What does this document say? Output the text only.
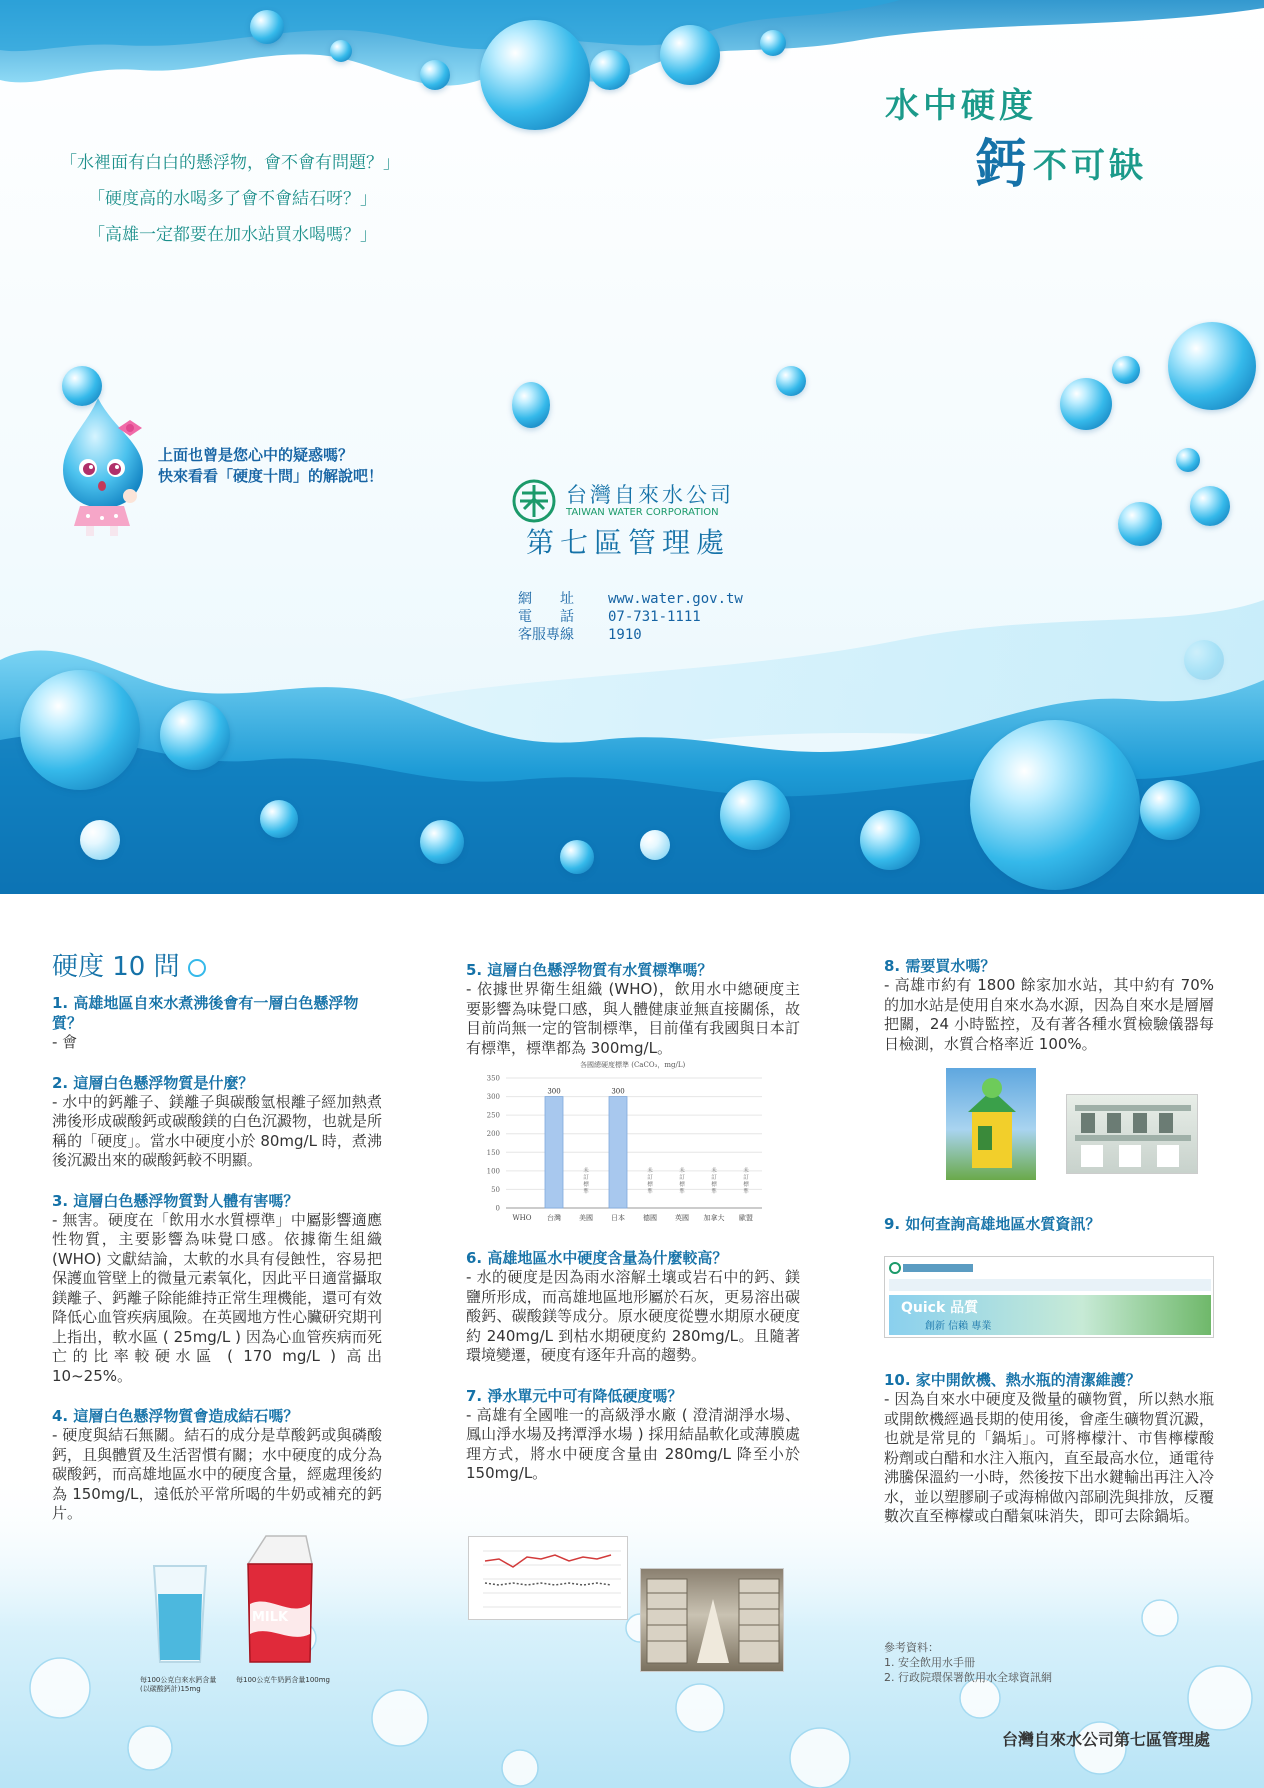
水中硬度
鈣 不可缺
「水裡面有白白的懸浮物，會不會有問題？」
「硬度高的水喝多了會不會結石呀？」
「高雄一定都要在加水站買水喝嗎？」
上面也曾是您心中的疑惑嗎？
快來看看「硬度十問」的解說吧！
台灣自來水公司
TAIWAN WATER CORPORATION
第七區管理處
網　　址	www.water.gov.tw
電　　話	07-731-1111
客服專線	1910
硬度 10 問
1. 高雄地區自來水煮沸後會有一層白色懸浮物質？
- 會
2. 這層白色懸浮物質是什麼？
- 水中的鈣離子、鎂離子與碳酸氫根離子經加熱煮沸後形成碳酸鈣或碳酸鎂的白色沉澱物，也就是所稱的「硬度」。當水中硬度小於 80mg/L 時，煮沸後沉澱出來的碳酸鈣較不明顯。
3. 這層白色懸浮物質對人體有害嗎？
- 無害。硬度在「飲用水水質標準」中屬影響適應性物質，主要影響為味覺口感。依據衛生組織 (WHO) 文獻結論，太軟的水具有侵蝕性，容易把保護血管壁上的微量元素氧化，因此平日適當攝取鎂離子、鈣離子除能維持正常生理機能，還可有效降低心血管疾病風險。在英國地方性心臟研究期刊上指出，軟水區 ( 25mg/L ) 因為心血管疾病而死亡的比率較硬水區 ( 170 mg/L ) 高出 10~25%。
4. 這層白色懸浮物質會造成結石嗎？
- 硬度與結石無關。結石的成分是草酸鈣或與磷酸鈣，且與體質及生活習慣有關；水中硬度的成分為碳酸鈣，而高雄地區水中的硬度含量，經處理後約為 150mg/L，遠低於平常所喝的牛奶或補充的鈣片。
MILK
每100公克白來水鈣含量
(以碳酸鈣計)15mg
每100公克牛奶鈣含量100mg
5. 這層白色懸浮物質有水質標準嗎？
- 依據世界衛生組織 (WHO)，飲用水中總硬度主要影響為味覺口感，與人體健康並無直接關係，故目前尚無一定的管制標準，目前僅有我國與日本訂有標準，標準都為 300mg/L。
0
50
100
150
200
250
300
350
WHO 台灣
300
美國
未訂標準
日本
300
德國
未訂標準
英國
未訂標準
加拿大
未訂標準
歐盟
未訂標準
各國總硬度標準 (CaCO₃，mg/L)
6. 高雄地區水中硬度含量為什麼較高？
- 水的硬度是因為雨水溶解土壤或岩石中的鈣、鎂鹽所形成，而高雄地區地形屬於石灰，更易溶出碳酸鈣、碳酸鎂等成分。原水硬度從豐水期原水硬度約 240mg/L 到枯水期硬度約 280mg/L。且隨著環境變遷，硬度有逐年升高的趨勢。
7. 淨水單元中可有降低硬度嗎？
- 高雄有全國唯一的高級淨水廠 ( 澄清湖淨水場、鳳山淨水場及拷潭淨水場 ) 採用結晶軟化或薄膜處理方式，將水中硬度含量由 280mg/L 降至小於 150mg/L。
8. 需要買水嗎？
- 高雄市約有 1800 餘家加水站，其中約有 70% 的加水站是使用自來水為水源，因為自來水是層層把關，24 小時監控，及有著各種水質檢驗儀器每日檢測，水質合格率近 100%。
9. 如何查詢高雄地區水質資訊？
Quick 品質
創新 信賴 專業
10. 家中開飲機、熱水瓶的清潔維護？
- 因為自來水中硬度及微量的礦物質，所以熱水瓶或開飲機經過長期的使用後，會產生礦物質沉澱，也就是常見的「鍋垢」。可將檸檬汁、市售檸檬酸粉劑或白醋和水注入瓶內，直至最高水位，通電待沸騰保溫約一小時，然後按下出水鍵輸出再注入冷水，並以塑膠刷子或海棉做內部刷洗與排放，反覆數次直至檸檬或白醋氣味消失，即可去除鍋垢。
參考資料：
1. 安全飲用水手冊
2. 行政院環保署飲用水全球資訊網
台灣自來水公司第七區管理處
